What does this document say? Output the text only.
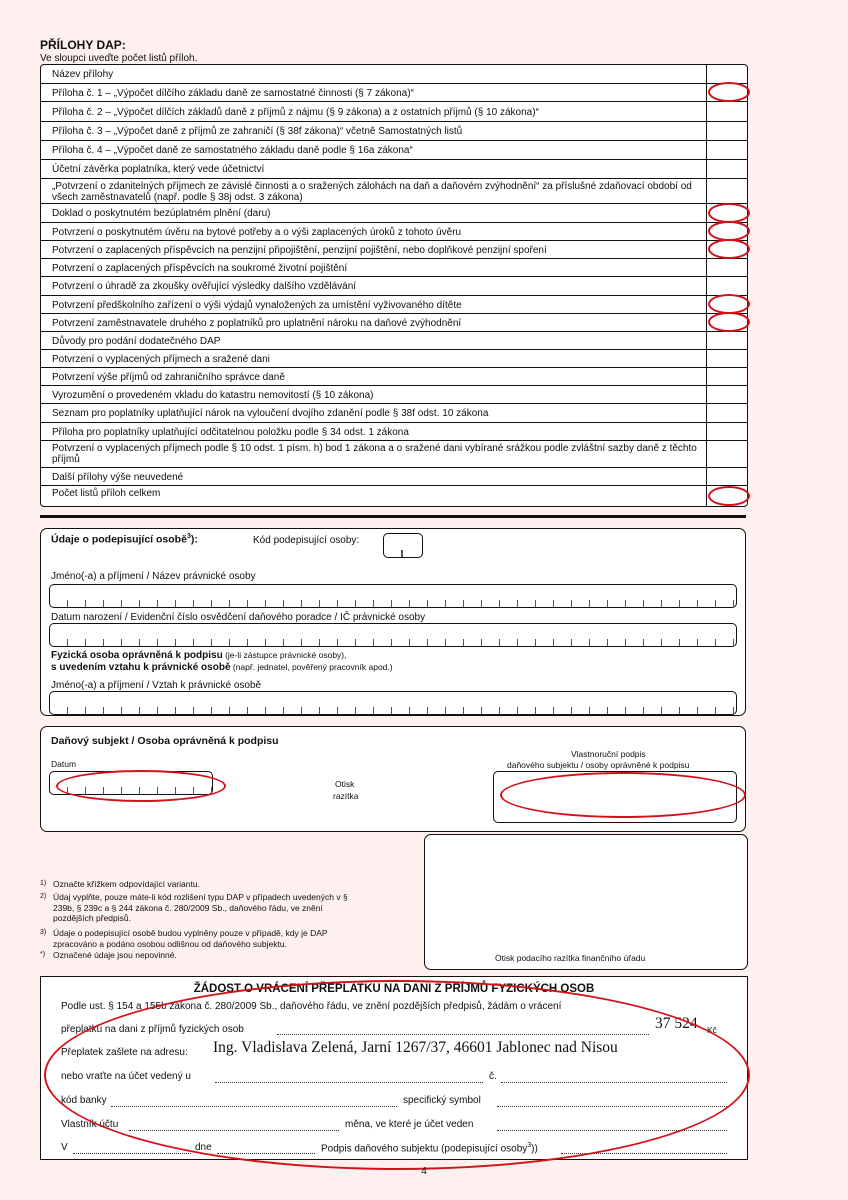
PŘÍLOHY DAP:
Ve sloupci uveďte počet listů příloh.
Název přílohy
Příloha č. 1 – „Výpočet dílčího základu daně ze samostatné činnosti (§ 7 zákona)“
Příloha č. 2 – „Výpočet dílčích základů daně z příjmů z nájmu (§ 9 zákona) a z ostatních příjmů (§ 10 zákona)“
Příloha č. 3 – „Výpočet daně z příjmů ze zahraničí (§ 38f zákona)“ včetně Samostatných listů
Příloha č. 4 – „Výpočet daně ze samostatného základu daně podle § 16a zákona“
Účetní závěrka poplatníka, který vede účetnictví
„Potvrzení o zdanitelných příjmech ze závislé činnosti a o sražených zálohách na daň a daňovém zvýhodnění“ za příslušné zdaňovací období od všech zaměstnavatelů (např. podle § 38j odst. 3 zákona)
Doklad o poskytnutém bezúplatném plnění (daru)
Potvrzení o poskytnutém úvěru na bytové potřeby a o výši zaplacených úroků z tohoto úvěru
Potvrzení o zaplacených příspěvcích na penzijní připojištění, penzijní pojištění, nebo doplňkové penzijní spoření
Potvrzení o zaplacených příspěvcích na soukromé životní pojištění
Potvrzení o úhradě za zkoušky ověřující výsledky dalšího vzdělávání
Potvrzení předškolního zařízení o výši výdajů vynaložených za umístění vyživovaného dítěte
Potvrzení zaměstnavatele druhého z poplatníků pro uplatnění nároku na daňové zvýhodnění
Důvody pro podání dodatečného DAP
Potvrzení o vyplacených příjmech a sražené dani
Potvrzení výše příjmů od zahraničního správce daně
Vyrozumění o provedeném vkladu do katastru nemovitostí (§ 10 zákona)
Seznam pro poplatníky uplatňující nárok na vyloučení dvojího zdanění podle § 38f odst. 10 zákona
Příloha pro poplatníky uplatňující odčitatelnou položku podle § 34 odst. 1 zákona
Potvrzení o vyplacených příjmech podle § 10 odst. 1 písm. h) bod 1 zákona a o sražené dani vybírané srážkou podle zvláštní sazby daně z těchto příjmů
Další přílohy výše neuvedené
Počet listů příloh celkem
Údaje o podepisující osobě$^3$):	Kód podepisující osoby:
Jméno(-a) a příjmení / Název právnické osoby
Datum narození / Evidenční číslo osvědčení daňového poradce / IČ právnické osoby
Fyzická osoba oprávněná k podpisu (je-li zástupce právnické osoby),
s uvedením vztahu k právnické osobě (např. jednatel, pověřený pracovník apod.)
Jméno(-a) a příjmení / Vztah k právnické osobě
Daňový subjekt / Osoba oprávněná k podpisu
Datum
Otisk
razítka
Vlastnoruční podpis
daňového subjektu / osoby oprávněné k podpisu
1) Označte křížkem odpovídající variantu.
2) Údaj vyplňte, pouze máte-li kód rozlišení typu DAP v případech uvedených v § 239b, § 239c a § 244 zákona č. 280/2009 Sb., daňového řádu, ve znění pozdějších předpisů.
3) Údaje o podepisující osobě budou vyplněny pouze v případě, kdy je DAP zpracováno a podáno osobou odlišnou od daňového subjektu.
*) Označené údaje jsou nepovinné.	Otisk podacího razítka finančního úřadu
ŽÁDOST O VRÁCENÍ PŘEPLATKU NA DANI Z PŘÍJMŮ FYZICKÝCH OSOB
Podle ust. § 154 a 155b zákona č. 280/2009 Sb., daňového řádu, ve znění pozdějších předpisů, žádám o vrácení
přeplatku na dani z příjmů fyzických osob	37 524 Kč
Přeplatek zašlete na adresu: Ing. Vladislava Zelená, Jarní 1267/37, 46601 Jablonec nad Nisou
nebo vraťte na účet vedený u	č.
kód banky	specifický symbol
Vlastník účtu	měna, ve které je účet veden
V	dne	Podpis daňového subjektu (podepisující osoby$^3$))
4
